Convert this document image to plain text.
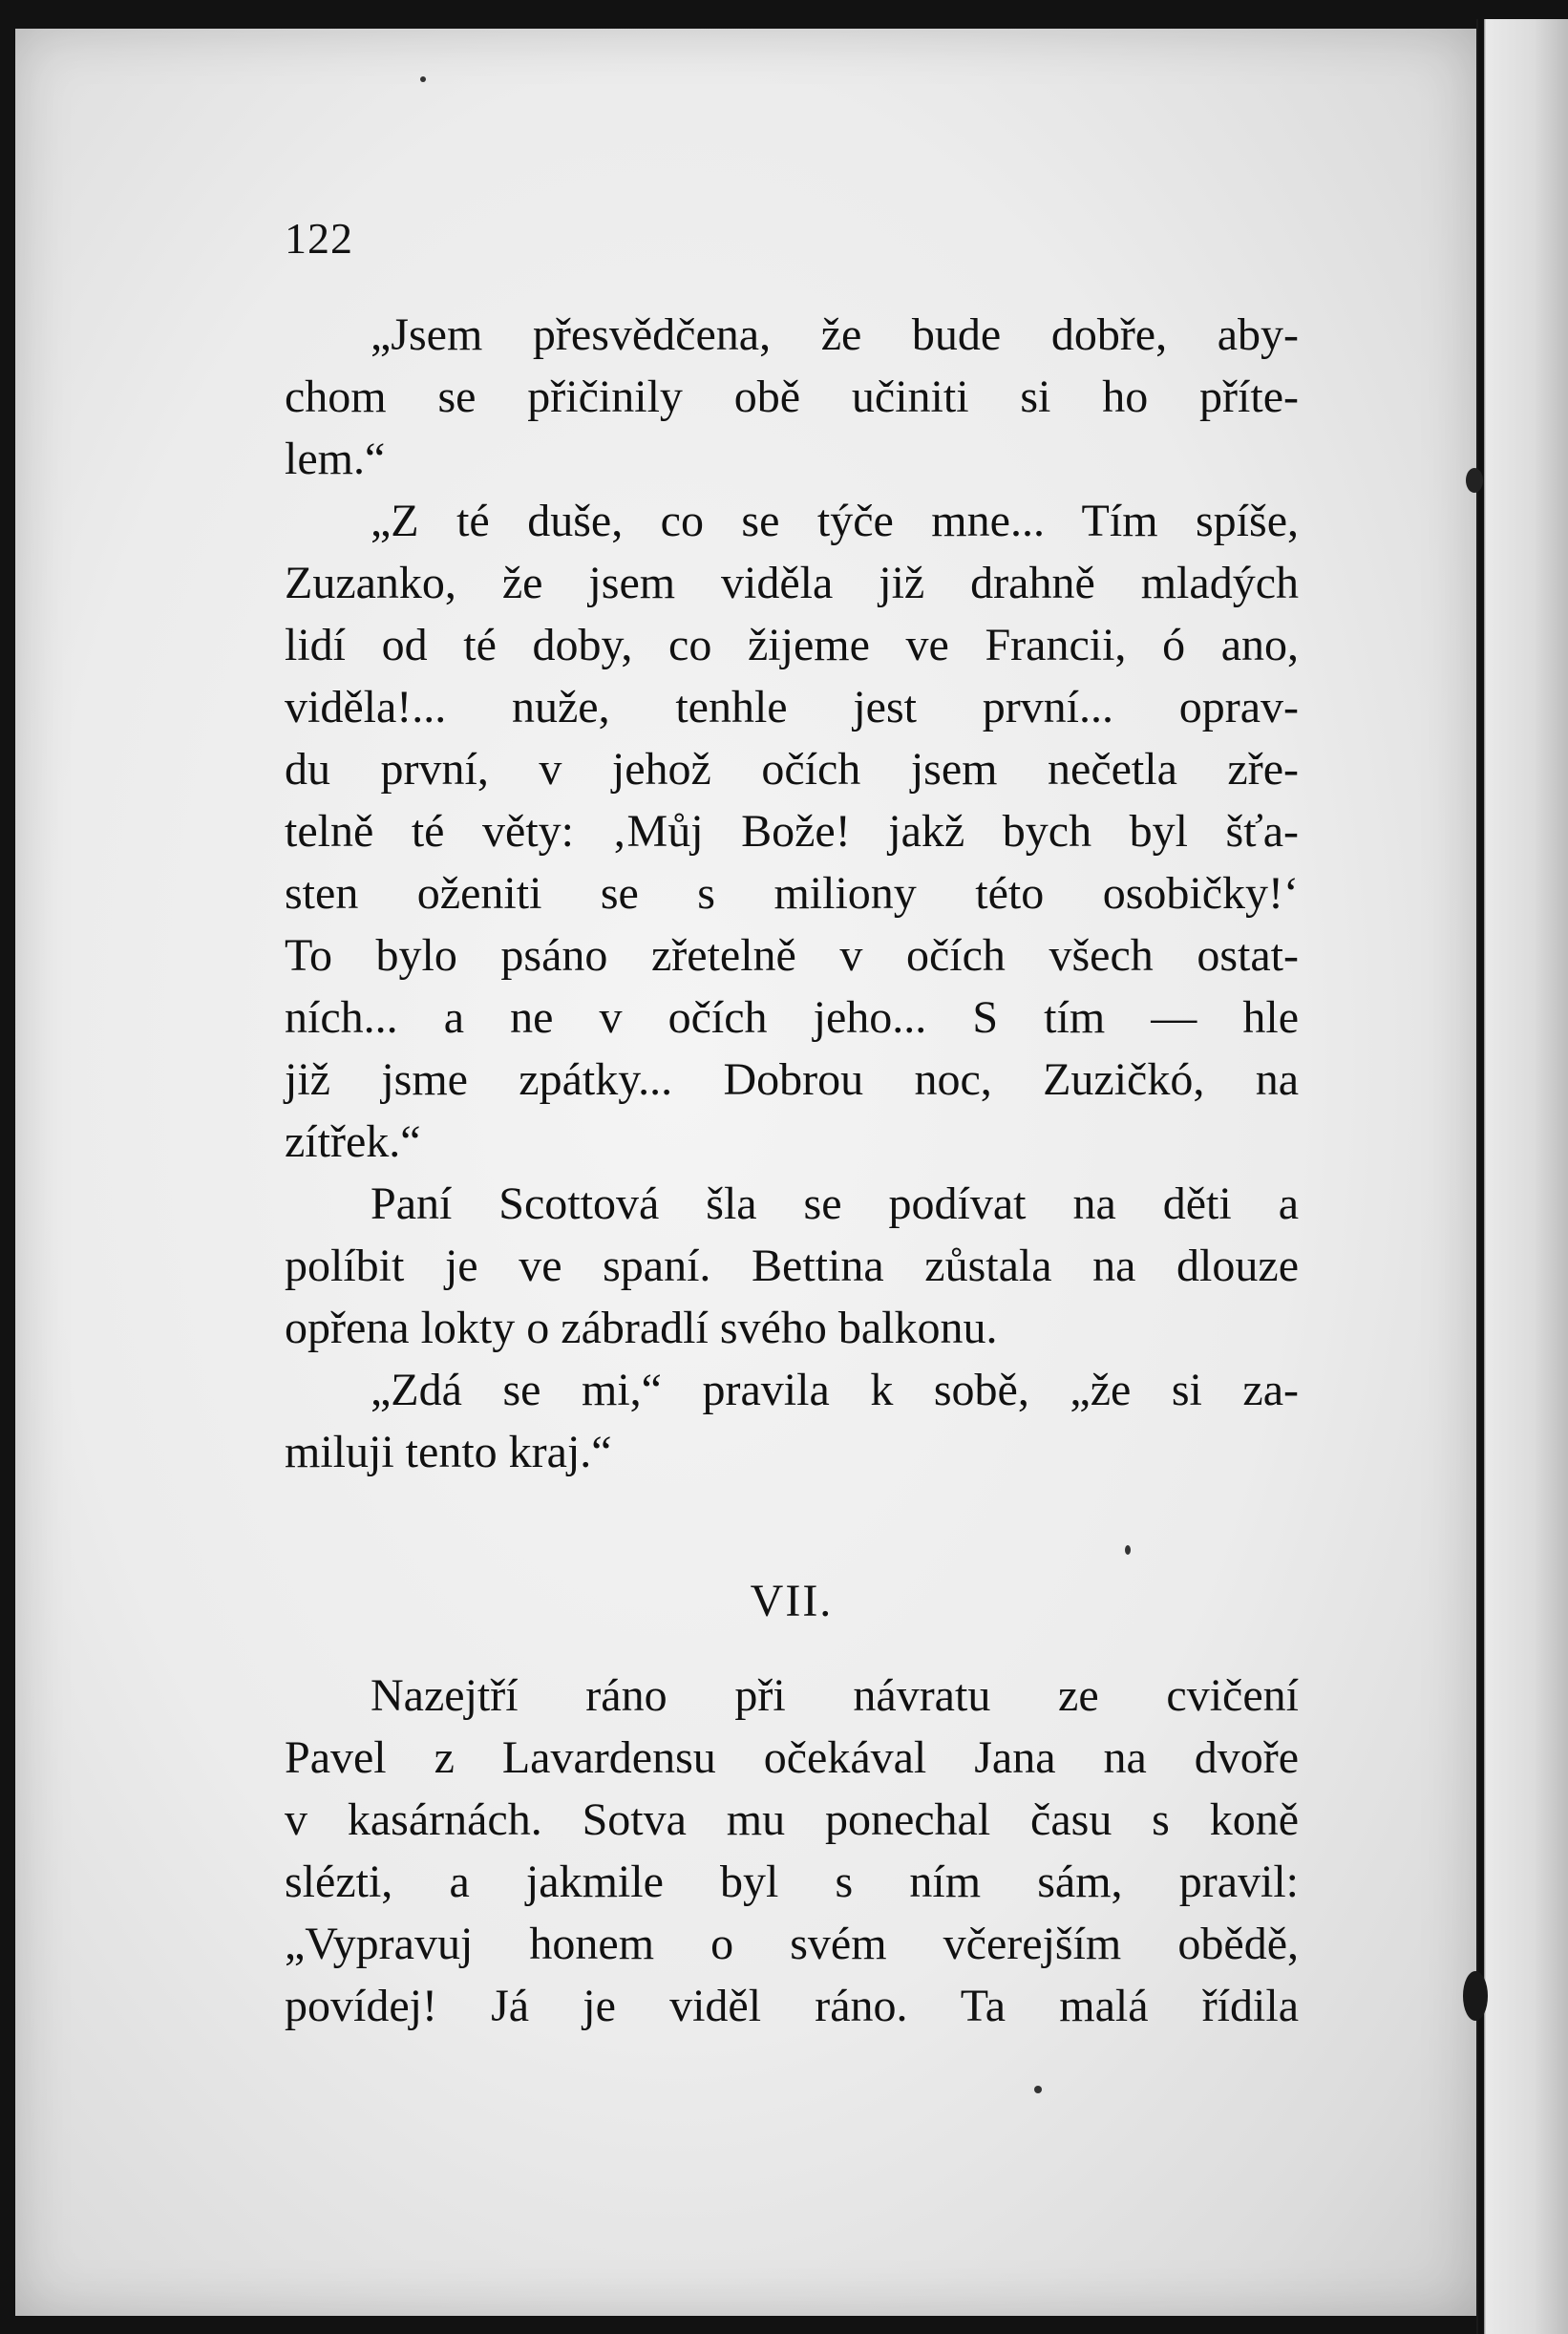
122
„Jsem přesvědčena, že bude dobře, aby-
chom se přičinily obě učiniti si ho příte-
lem.“
„Z té duše, co se týče mne... Tím spíše,
Zuzanko, že jsem viděla již drahně mladých
lidí od té doby, co žijeme ve Francii, ó ano,
viděla!... nuže, tenhle jest první... oprav-
du první, v jehož očích jsem nečetla zře-
telně té věty: ‚Můj Bože! jakž bych byl šťa-
sten oženiti se s miliony této osobičky!‘
To bylo psáno zřetelně v očích všech ostat-
ních... a ne v očích jeho... S tím — hle
již jsme zpátky... Dobrou noc, Zuzičkó, na
zítřek.“
Paní Scottová šla se podívat na děti a
políbit je ve spaní. Bettina zůstala na dlouze
opřena lokty o zábradlí svého balkonu.
„Zdá se mi,“ pravila k sobě, „že si za-
miluji tento kraj.“
VII.
Nazejtří ráno při návratu ze cvičení
Pavel z Lavardensu očekával Jana na dvoře
v kasárnách. Sotva mu ponechal času s koně
slézti, a jakmile byl s ním sám, pravil:
„Vypravuj honem o svém včerejším obědě,
povídej! Já je viděl ráno. Ta malá řídila
